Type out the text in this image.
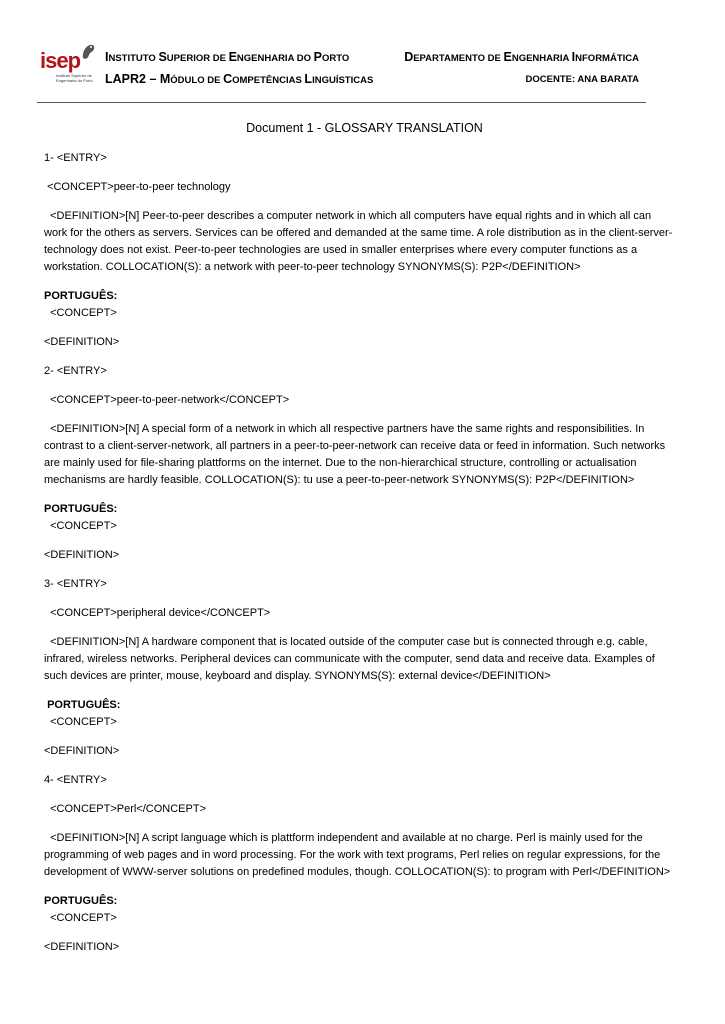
isep
Instituto Superior de Engenharia do Porto
INSTITUTO SUPERIOR DE ENGENHARIA DO PORTO
LAPR2 – MÓDULO DE COMPETÊNCIAS LINGUÍSTICAS
DEPARTAMENTO DE ENGENHARIA INFORMÁTICA
DOCENTE: ANA BARATA
Document 1 - GLOSSARY TRANSLATION
1- <ENTRY>
<CONCEPT>peer-to-peer technology
<DEFINITION>[N] Peer-to-peer describes a computer network in which all computers have equal rights and in which all can work for the others as servers. Services can be offered and demanded at the same time. A role distribution as in the client-server-technology does not exist. Peer-to-peer technologies are used in smaller enterprises where every computer functions as a workstation. COLLOCATION(S): a network with peer-to-peer technology SYNONYMS(S): P2P</DEFINITION>
PORTUGUÊS:
<CONCEPT>
<DEFINITION>
2- <ENTRY>
<CONCEPT>peer-to-peer-network</CONCEPT>
<DEFINITION>[N] A special form of a network in which all respective partners have the same rights and responsibilities. In contrast to a client-server-network, all partners in a peer-to-peer-network can receive data or feed in information. Such networks are mainly used for file-sharing plattforms on the internet. Due to the non-hierarchical structure, controlling or actualisation mechanisms are hardly feasible. COLLOCATION(S): tu use a peer-to-peer-network SYNONYMS(S): P2P</DEFINITION>
PORTUGUÊS:
<CONCEPT>
<DEFINITION>
3- <ENTRY>
<CONCEPT>peripheral device</CONCEPT>
<DEFINITION>[N] A hardware component that is located outside of the computer case but is connected through e.g. cable, infrared, wireless networks. Peripheral devices can communicate with the computer, send data and receive data. Examples of such devices are printer, mouse, keyboard and display. SYNONYMS(S): external device</DEFINITION>
PORTUGUÊS:
<CONCEPT>
<DEFINITION>
4- <ENTRY>
<CONCEPT>Perl</CONCEPT>
<DEFINITION>[N] A script language which is plattform independent and available at no charge. Perl is mainly used for the programming of web pages and in word processing. For the work with text programs, Perl relies on regular expressions, for the development of WWW-server solutions on predefined modules, though. COLLOCATION(S): to program with Perl</DEFINITION>
PORTUGUÊS:
<CONCEPT>
<DEFINITION>
